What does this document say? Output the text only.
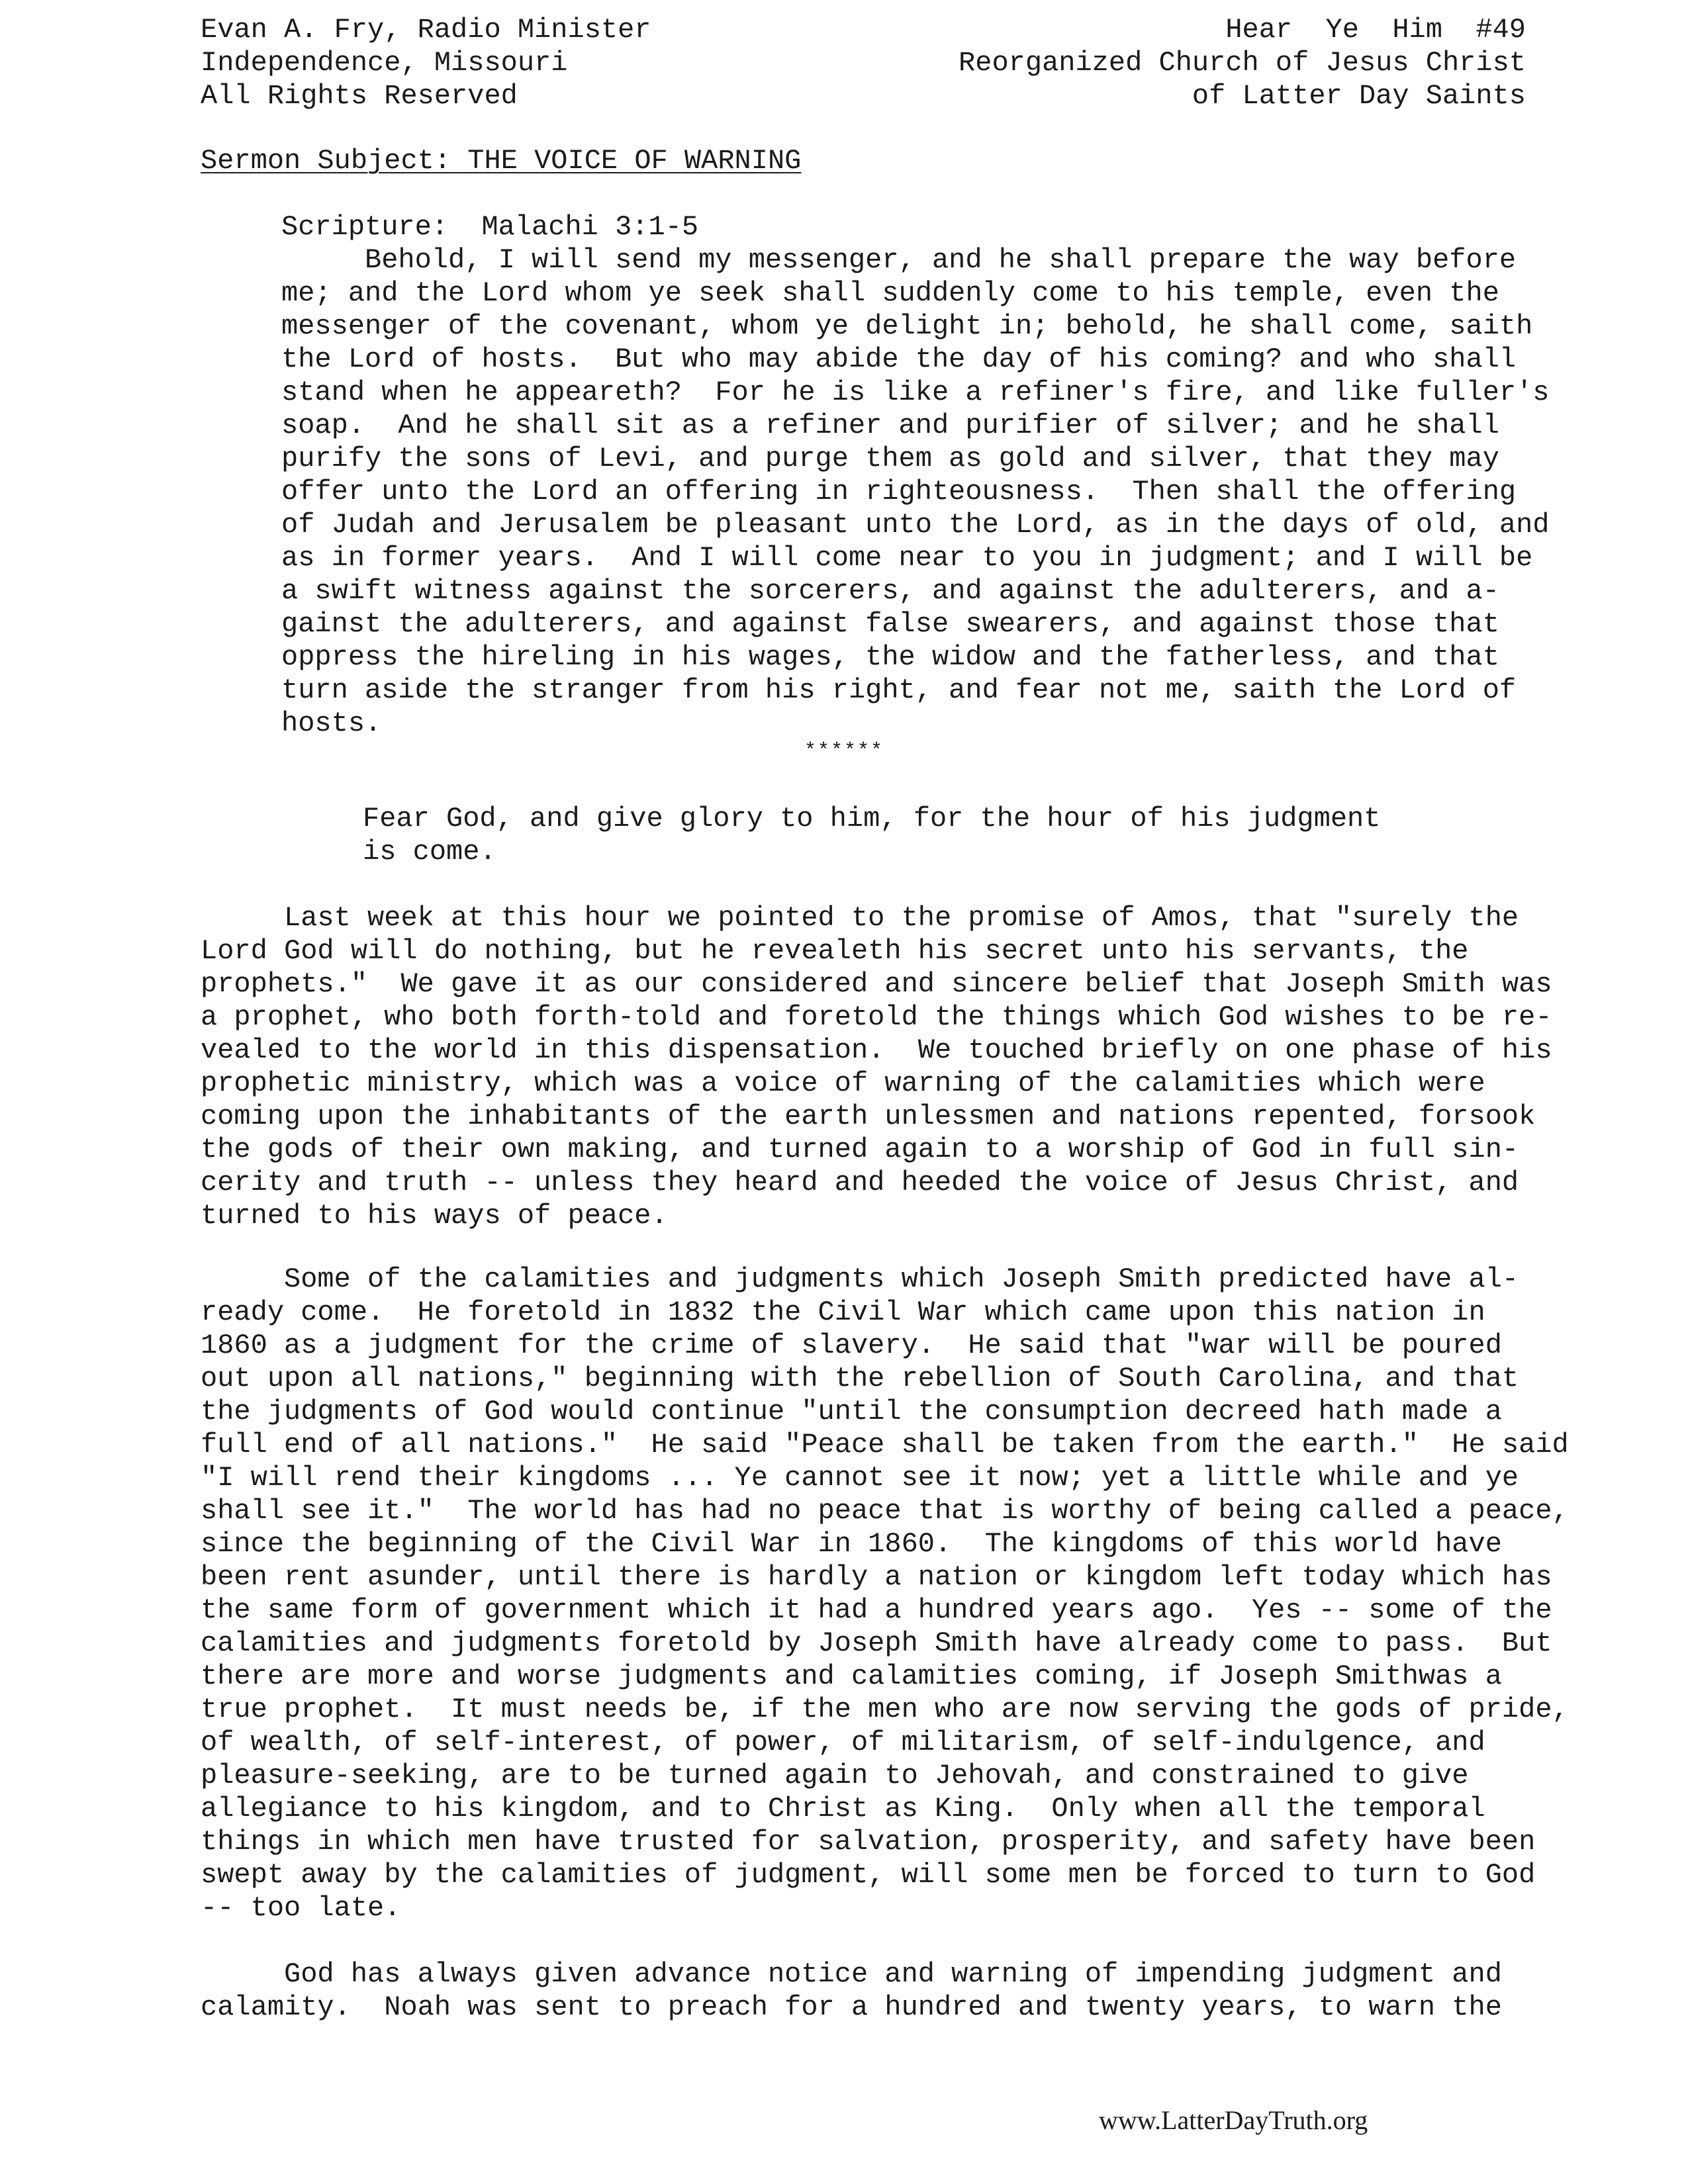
Evan A. Fry, Radio Minister
Independence, Missouri
All Rights Reserved
Hear  Ye  Him  #49
Reorganized Church of Jesus Christ
of Latter Day Saints
Sermon Subject: THE VOICE OF WARNING
Scripture:  Malachi 3:1-5
Behold, I will send my messenger, and he shall prepare the way before
me; and the Lord whom ye seek shall suddenly come to his temple, even the
messenger of the covenant, whom ye delight in; behold, he shall come, saith
the Lord of hosts.  But who may abide the day of his coming? and who shall
stand when he appeareth?  For he is like a refiner's fire, and like fuller's
soap.  And he shall sit as a refiner and purifier of silver; and he shall
purify the sons of Levi, and purge them as gold and silver, that they may
offer unto the Lord an offering in righteousness.  Then shall the offering
of Judah and Jerusalem be pleasant unto the Lord, as in the days of old, and
as in former years.  And I will come near to you in judgment; and I will be
a swift witness against the sorcerers, and against the adulterers, and a-
gainst the adulterers, and against false swearers, and against those that
oppress the hireling in his wages, the widow and the fatherless, and that
turn aside the stranger from his right, and fear not me, saith the Lord of
hosts.
******
Fear God, and give glory to him, for the hour of his judgment
is come.
Last week at this hour we pointed to the promise of Amos, that "surely the
Lord God will do nothing, but he revealeth his secret unto his servants, the
prophets."  We gave it as our considered and sincere belief that Joseph Smith was
a prophet, who both forth-told and foretold the things which God wishes to be re-
vealed to the world in this dispensation.  We touched briefly on one phase of his
prophetic ministry, which was a voice of warning of the calamities which were
coming upon the inhabitants of the earth unlessmen and nations repented, forsook
the gods of their own making, and turned again to a worship of God in full sin-
cerity and truth -- unless they heard and heeded the voice of Jesus Christ, and
turned to his ways of peace.
Some of the calamities and judgments which Joseph Smith predicted have al-
ready come.  He foretold in 1832 the Civil War which came upon this nation in
1860 as a judgment for the crime of slavery.  He said that "war will be poured
out upon all nations," beginning with the rebellion of South Carolina, and that
the judgments of God would continue "until the consumption decreed hath made a
full end of all nations."  He said "Peace shall be taken from the earth."  He said
"I will rend their kingdoms ... Ye cannot see it now; yet a little while and ye
shall see it."  The world has had no peace that is worthy of being called a peace,
since the beginning of the Civil War in 1860.  The kingdoms of this world have
been rent asunder, until there is hardly a nation or kingdom left today which has
the same form of government which it had a hundred years ago.  Yes -- some of the
calamities and judgments foretold by Joseph Smith have already come to pass.  But
there are more and worse judgments and calamities coming, if Joseph Smithwas a
true prophet.  It must needs be, if the men who are now serving the gods of pride,
of wealth, of self-interest, of power, of militarism, of self-indulgence, and
pleasure-seeking, are to be turned again to Jehovah, and constrained to give
allegiance to his kingdom, and to Christ as King.  Only when all the temporal
things in which men have trusted for salvation, prosperity, and safety have been
swept away by the calamities of judgment, will some men be forced to turn to God
-- too late.
God has always given advance notice and warning of impending judgment and
calamity.  Noah was sent to preach for a hundred and twenty years, to warn the
www.LatterDayTruth.org
